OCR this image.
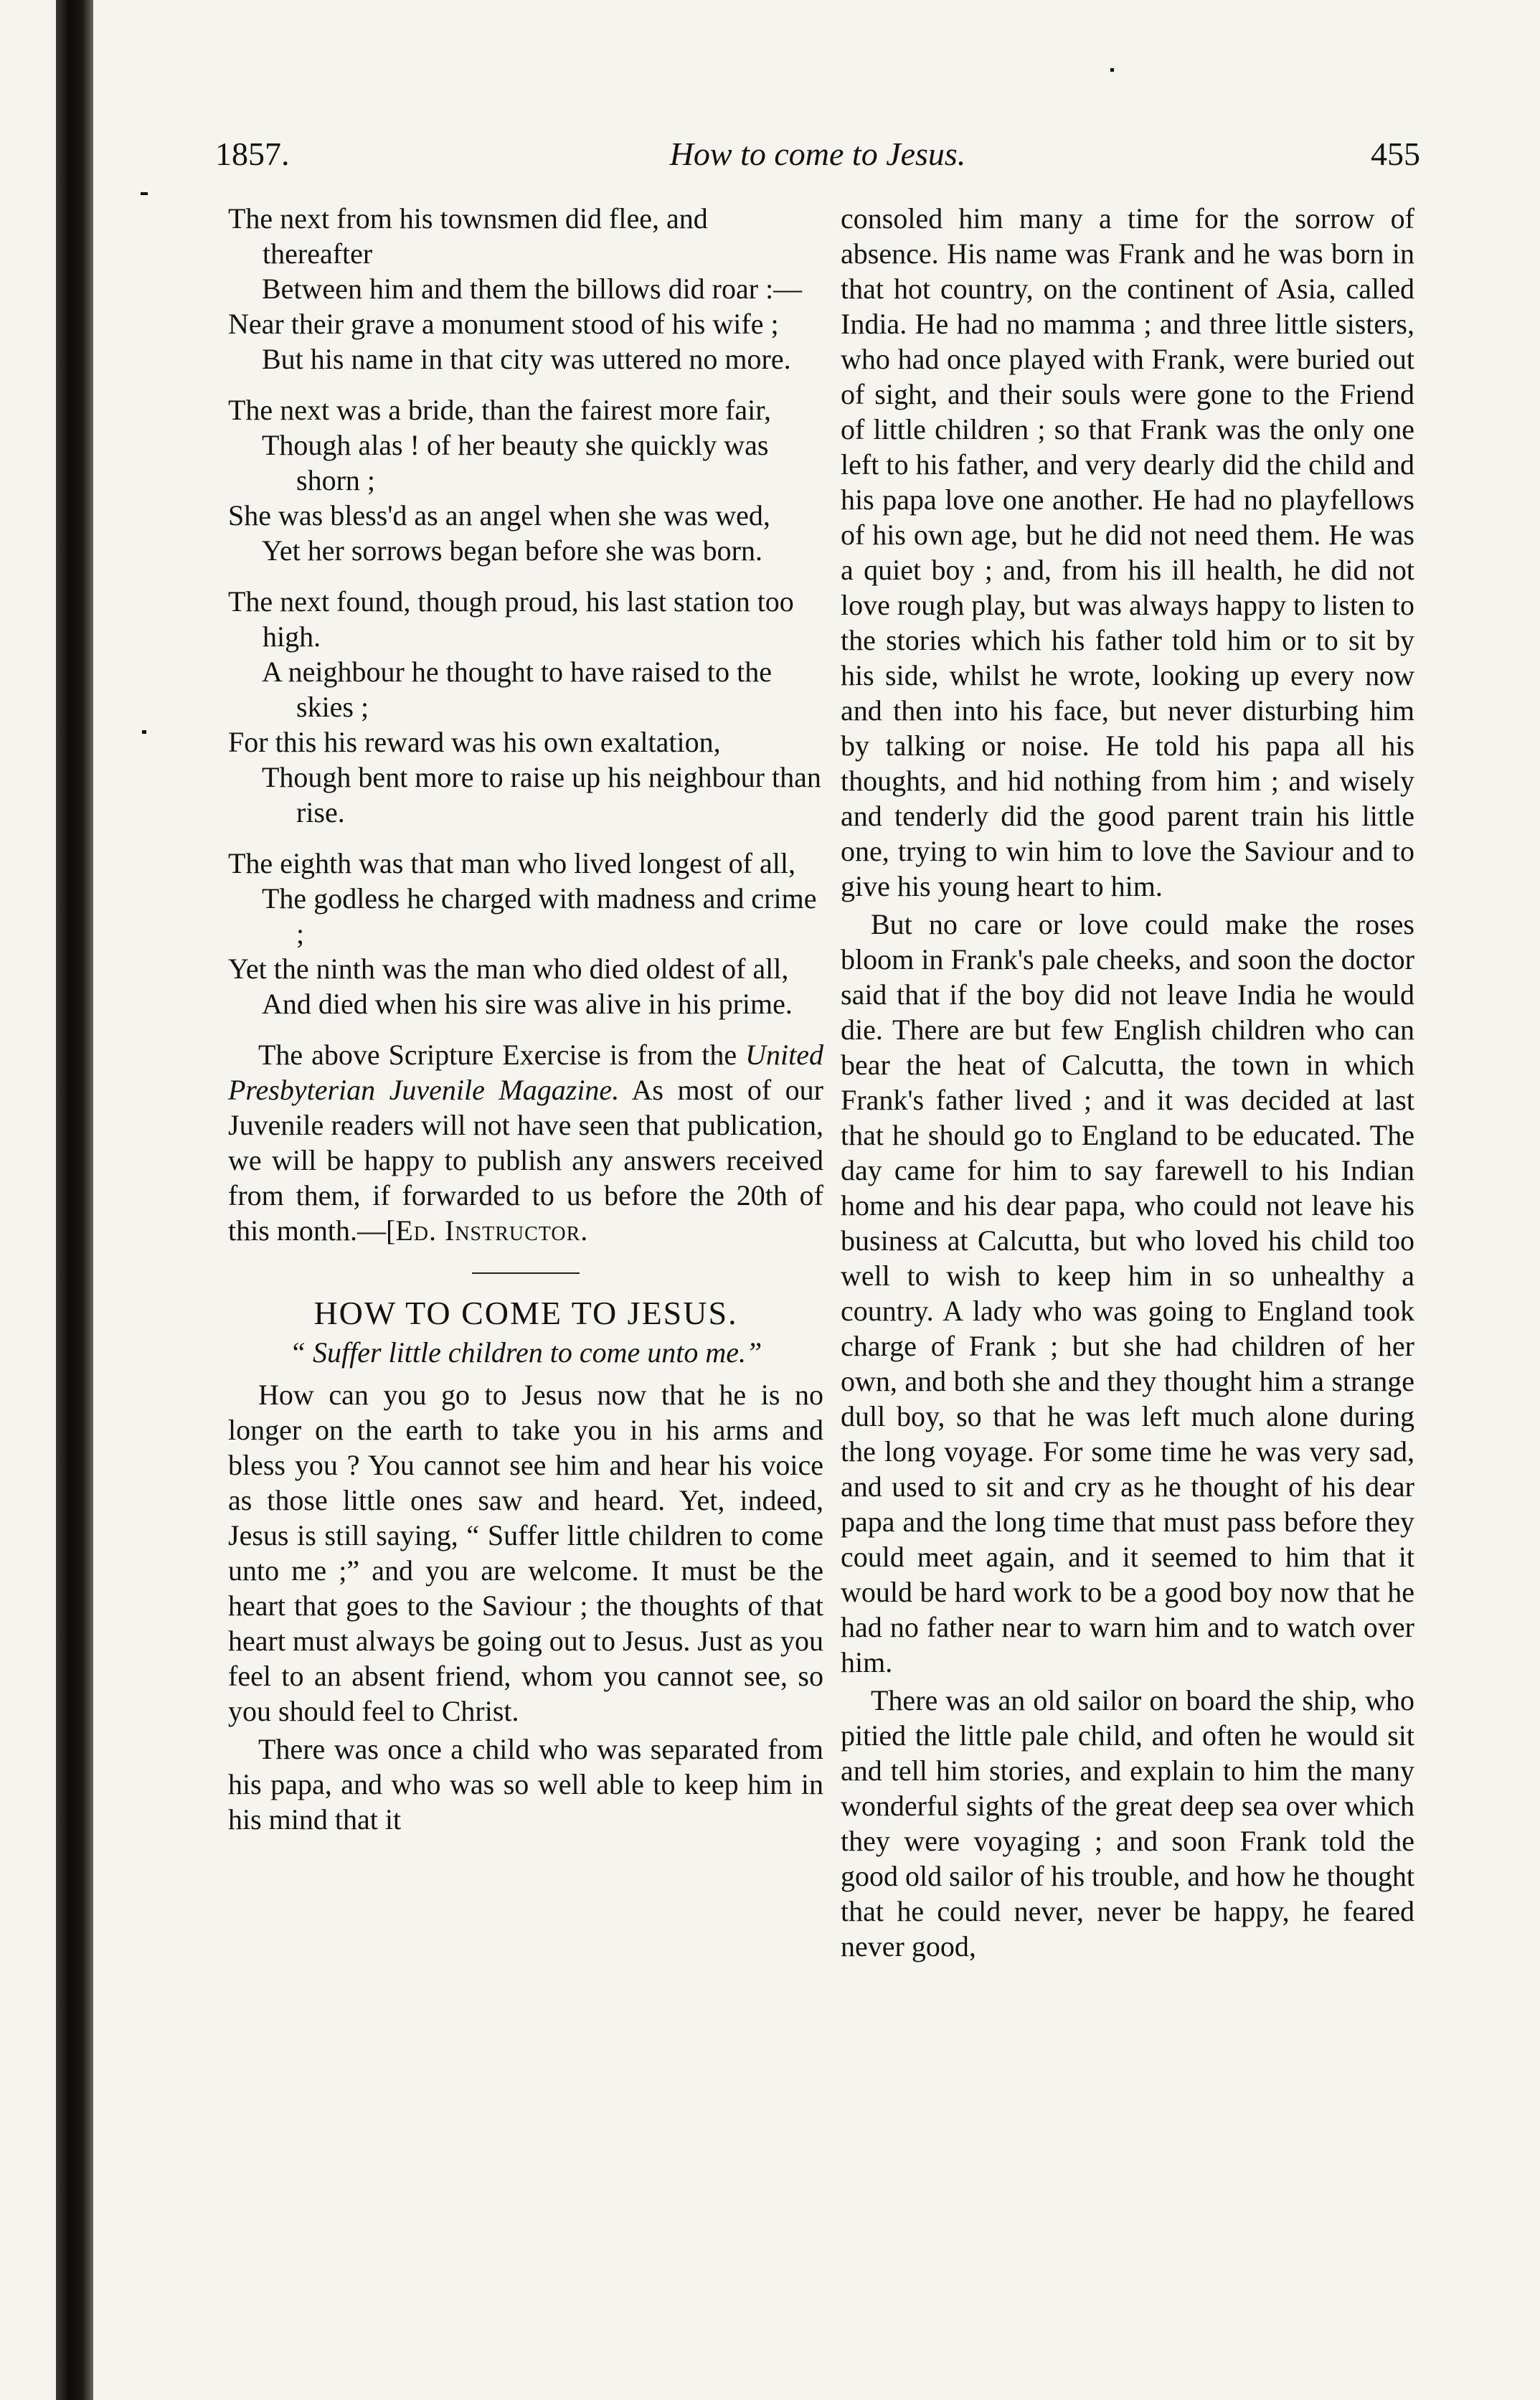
1857.	How to come to Jesus.	455
The next from his townsmen did flee, and thereafter
Between him and them the billows did roar :—
Near their grave a monument stood of his wife ;
But his name in that city was uttered no more.
The next was a bride, than the fairest more fair,
Though alas ! of her beauty she quickly was shorn ;
She was bless'd as an angel when she was wed,
Yet her sorrows began before she was born.
The next found, though proud, his last station too high.
A neighbour he thought to have raised to the skies ;
For this his reward was his own exaltation,
Though bent more to raise up his neighbour than rise.
The eighth was that man who lived longest of all,
The godless he charged with madness and crime ;
Yet the ninth was the man who died oldest of all,
And died when his sire was alive in his prime.

The above Scripture Exercise is from the United Presbyterian Juvenile Magazine. As most of our Juvenile readers will not have seen that publication, we will be happy to publish any answers received from them, if forwarded to us before the 20th of this month.—[Ed. Instructor.

HOW TO COME TO JESUS.
“ Suffer little children to come unto me.”

How can you go to Jesus now that he is no longer on the earth to take you in his arms and bless you ? You cannot see him and hear his voice as those little ones saw and heard. Yet, indeed, Jesus is still saying, “ Suffer little children to come unto me ;” and you are welcome. It must be the heart that goes to the Saviour ; the thoughts of that heart must always be going out to Jesus. Just as you feel to an absent friend, whom you cannot see, so you should feel to Christ.

There was once a child who was separated from his papa, and who was so well able to keep him in his mind that it

consoled him many a time for the sorrow of absence. His name was Frank and he was born in that hot country, on the continent of Asia, called India. He had no mamma ; and three little sisters, who had once played with Frank, were buried out of sight, and their souls were gone to the Friend of little children ; so that Frank was the only one left to his father, and very dearly did the child and his papa love one another. He had no playfellows of his own age, but he did not need them. He was a quiet boy ; and, from his ill health, he did not love rough play, but was always happy to listen to the stories which his father told him or to sit by his side, whilst he wrote, looking up every now and then into his face, but never disturbing him by talking or noise. He told his papa all his thoughts, and hid nothing from him ; and wisely and tenderly did the good parent train his little one, trying to win him to love the Saviour and to give his young heart to him.

But no care or love could make the roses bloom in Frank's pale cheeks, and soon the doctor said that if the boy did not leave India he would die. There are but few English children who can bear the heat of Calcutta, the town in which Frank's father lived ; and it was decided at last that he should go to England to be educated. The day came for him to say farewell to his Indian home and his dear papa, who could not leave his business at Calcutta, but who loved his child too well to wish to keep him in so unhealthy a country. A lady who was going to England took charge of Frank ; but she had children of her own, and both she and they thought him a strange dull boy, so that he was left much alone during the long voyage. For some time he was very sad, and used to sit and cry as he thought of his dear papa and the long time that must pass before they could meet again, and it seemed to him that it would be hard work to be a good boy now that he had no father near to warn him and to watch over him.

There was an old sailor on board the ship, who pitied the little pale child, and often he would sit and tell him stories, and explain to him the many wonderful sights of the great deep sea over which they were voyaging ; and soon Frank told the good old sailor of his trouble, and how he thought that he could never, never be happy, he feared never good,
